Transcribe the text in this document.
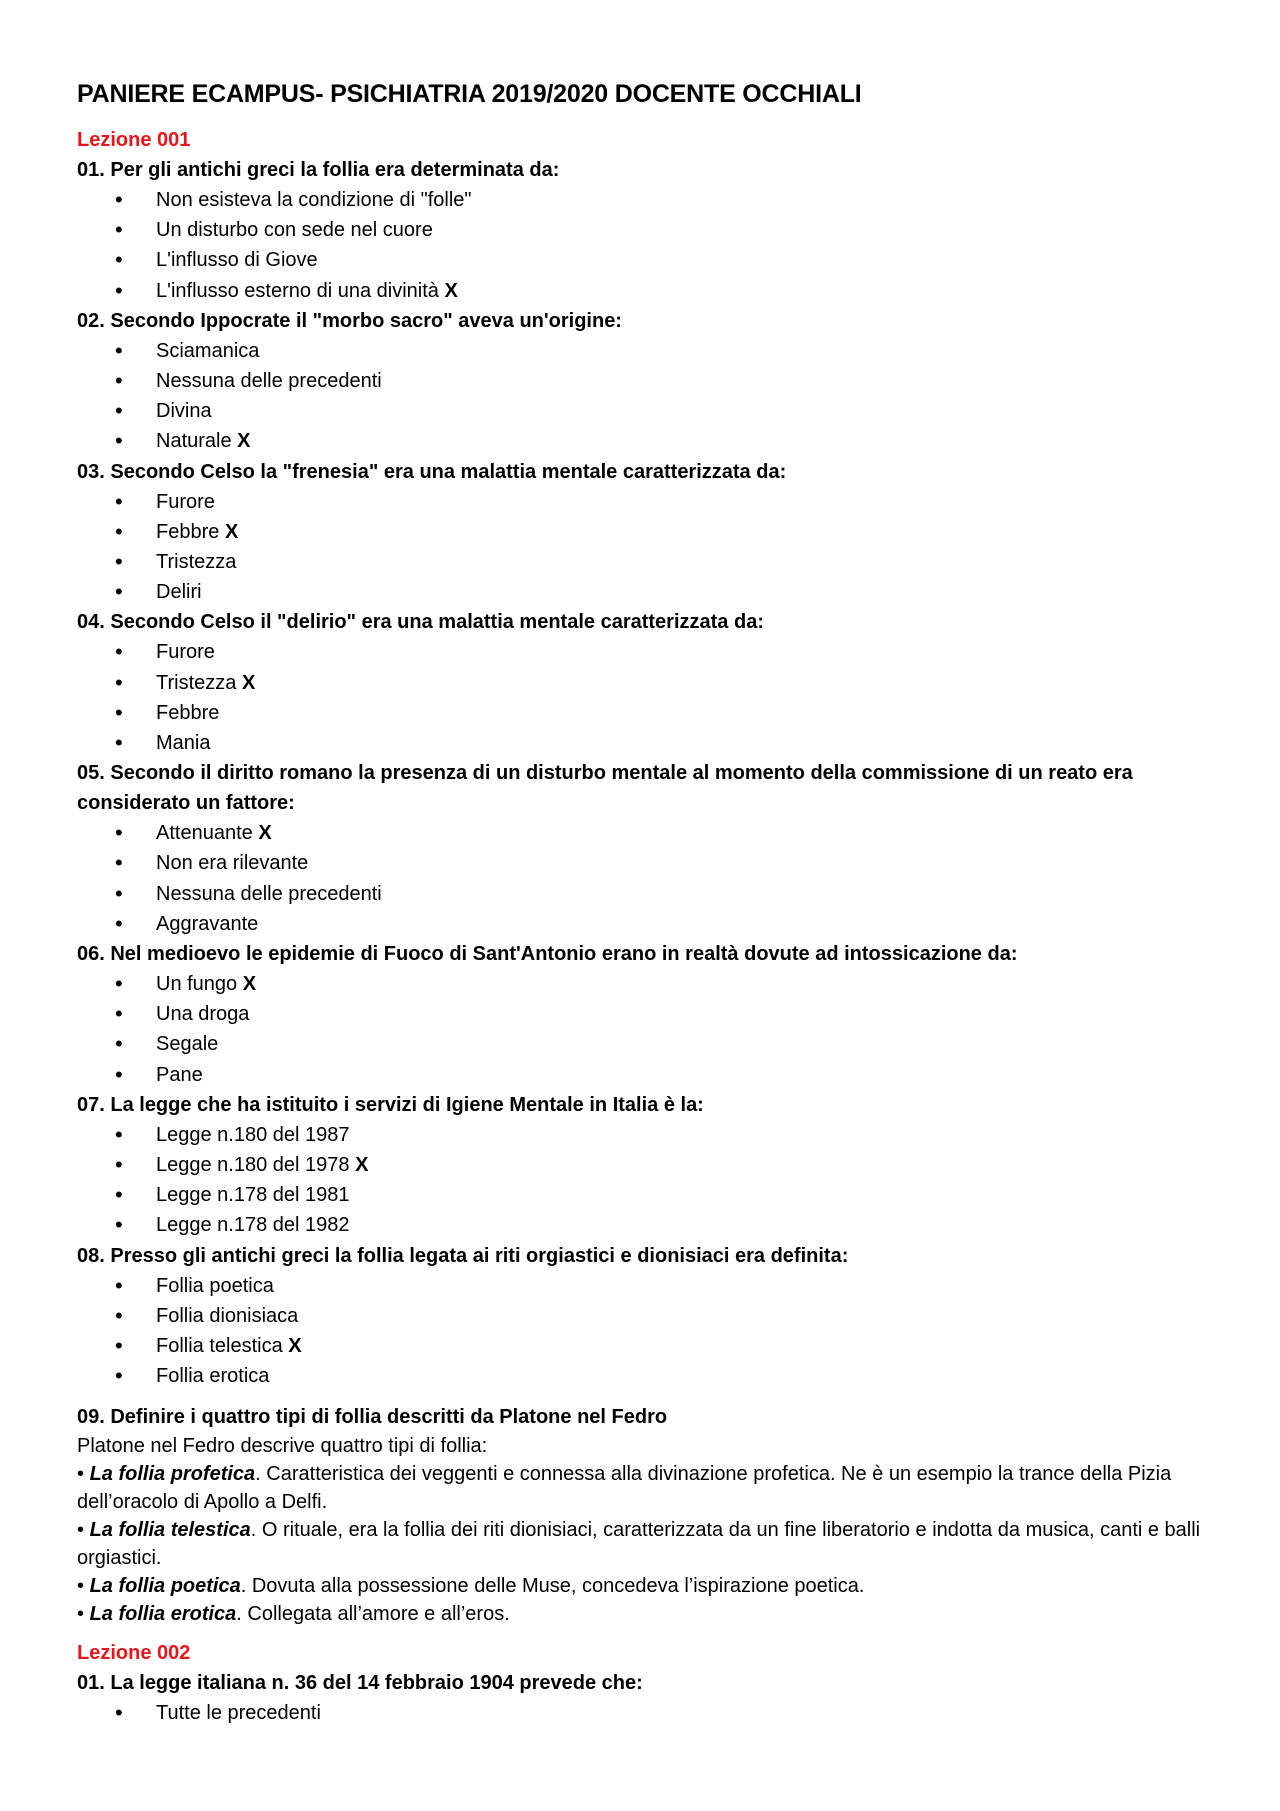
PANIERE ECAMPUS- PSICHIATRIA 2019/2020 DOCENTE OCCHIALI
Lezione 001
01. Per gli antichi greci la follia era determinata da:
• Non esisteva la condizione di "folle"
• Un disturbo con sede nel cuore
• L'influsso di Giove
• L'influsso esterno di una divinità X
02. Secondo Ippocrate il "morbo sacro" aveva un'origine:
• Sciamanica
• Nessuna delle precedenti
• Divina
• Naturale X
03. Secondo Celso la "frenesia" era una malattia mentale caratterizzata da:
• Furore
• Febbre X
• Tristezza
• Deliri
04. Secondo Celso il "delirio" era una malattia mentale caratterizzata da:
• Furore
• Tristezza X
• Febbre
• Mania
05. Secondo il diritto romano la presenza di un disturbo mentale al momento della commissione di un reato era considerato un fattore:
• Attenuante X
• Non era rilevante
• Nessuna delle precedenti
• Aggravante
06. Nel medioevo le epidemie di Fuoco di Sant'Antonio erano in realtà dovute ad intossicazione da:
• Un fungo X
• Una droga
• Segale
• Pane
07. La legge che ha istituito i servizi di Igiene Mentale in Italia è la:
• Legge n.180 del 1987
• Legge n.180 del 1978 X
• Legge n.178 del 1981
• Legge n.178 del 1982
08. Presso gli antichi greci la follia legata ai riti orgiastici e dionisiaci era definita:
• Follia poetica
• Follia dionisiaca
• Follia telestica X
• Follia erotica
09. Definire i quattro tipi di follia descritti da Platone nel Fedro
Platone nel Fedro descrive quattro tipi di follia:
• La follia profetica. Caratteristica dei veggenti e connessa alla divinazione profetica. Ne è un esempio la trance della Pizia dell’oracolo di Apollo a Delfi.
• La follia telestica. O rituale, era la follia dei riti dionisiaci, caratterizzata da un fine liberatorio e indotta da musica, canti e balli orgiastici.
• La follia poetica. Dovuta alla possessione delle Muse, concedeva l’ispirazione poetica.
• La follia erotica. Collegata all’amore e all’eros.
Lezione 002
01. La legge italiana n. 36 del 14 febbraio 1904 prevede che:
• Tutte le precedenti
